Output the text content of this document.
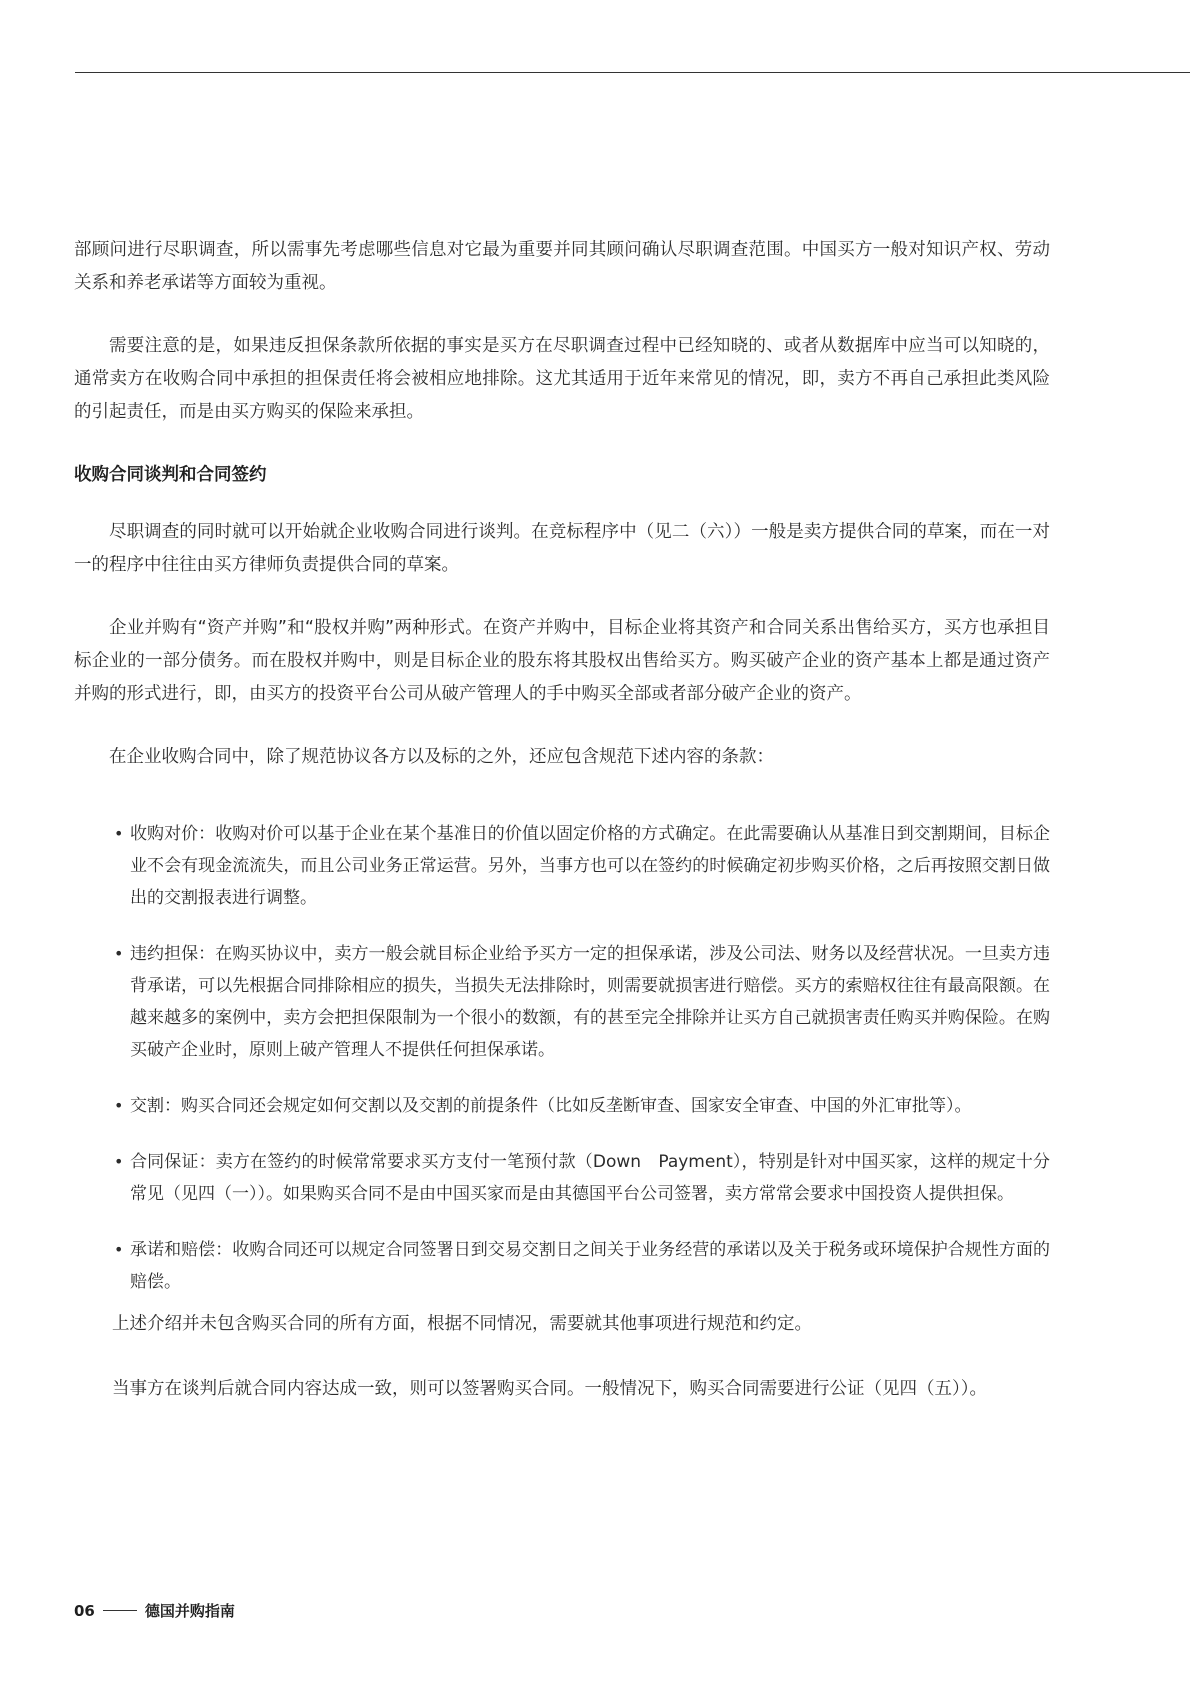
部顾问进行尽职调查，所以需事先考虑哪些信息对它最为重要并同其顾问确认尽职调查范围。中国买方一般对知识产权、劳动关系和养老承诺等方面较为重视。

需要注意的是，如果违反担保条款所依据的事实是买方在尽职调查过程中已经知晓的、或者从数据库中应当可以知晓的，通常卖方在收购合同中承担的担保责任将会被相应地排除。这尤其适用于近年来常见的情况，即，卖方不再自己承担此类风险的引起责任，而是由买方购买的保险来承担。

收购合同谈判和合同签约

尽职调查的同时就可以开始就企业收购合同进行谈判。在竞标程序中（见二（六））一般是卖方提供合同的草案，而在一对一的程序中往往由买方律师负责提供合同的草案。

企业并购有“资产并购”和“股权并购”两种形式。在资产并购中，目标企业将其资产和合同关系出售给买方，买方也承担目标企业的一部分债务。而在股权并购中，则是目标企业的股东将其股权出售给买方。购买破产企业的资产基本上都是通过资产并购的形式进行，即，由买方的投资平台公司从破产管理人的手中购买全部或者部分破产企业的资产。

在企业收购合同中，除了规范协议各方以及标的之外，还应包含规范下述内容的条款：

• 收购对价：收购对价可以基于企业在某个基准日的价值以固定价格的方式确定。在此需要确认从基准日到交割期间，目标企业不会有现金流流失，而且公司业务正常运营。另外，当事方也可以在签约的时候确定初步购买价格，之后再按照交割日做出的交割报表进行调整。
• 违约担保：在购买协议中，卖方一般会就目标企业给予买方一定的担保承诺，涉及公司法、财务以及经营状况。一旦卖方违背承诺，可以先根据合同排除相应的损失，当损失无法排除时，则需要就损害进行赔偿。买方的索赔权往往有最高限额。在越来越多的案例中，卖方会把担保限制为一个很小的数额，有的甚至完全排除并让买方自己就损害责任购买并购保险。在购买破产企业时，原则上破产管理人不提供任何担保承诺。
• 交割：购买合同还会规定如何交割以及交割的前提条件（比如反垄断审查、国家安全审查、中国的外汇审批等）。
• 合同保证：卖方在签约的时候常常要求买方支付一笔预付款（Down　Payment），特别是针对中国买家，这样的规定十分常见（见四（一））。如果购买合同不是由中国买家而是由其德国平台公司签署，卖方常常会要求中国投资人提供担保。
• 承诺和赔偿：收购合同还可以规定合同签署日到交易交割日之间关于业务经营的承诺以及关于税务或环境保护合规性方面的赔偿。

上述介绍并未包含购买合同的所有方面，根据不同情况，需要就其他事项进行规范和约定。

当事方在谈判后就合同内容达成一致，则可以签署购买合同。一般情况下，购买合同需要进行公证（见四（五））。

06	德国并购指南
